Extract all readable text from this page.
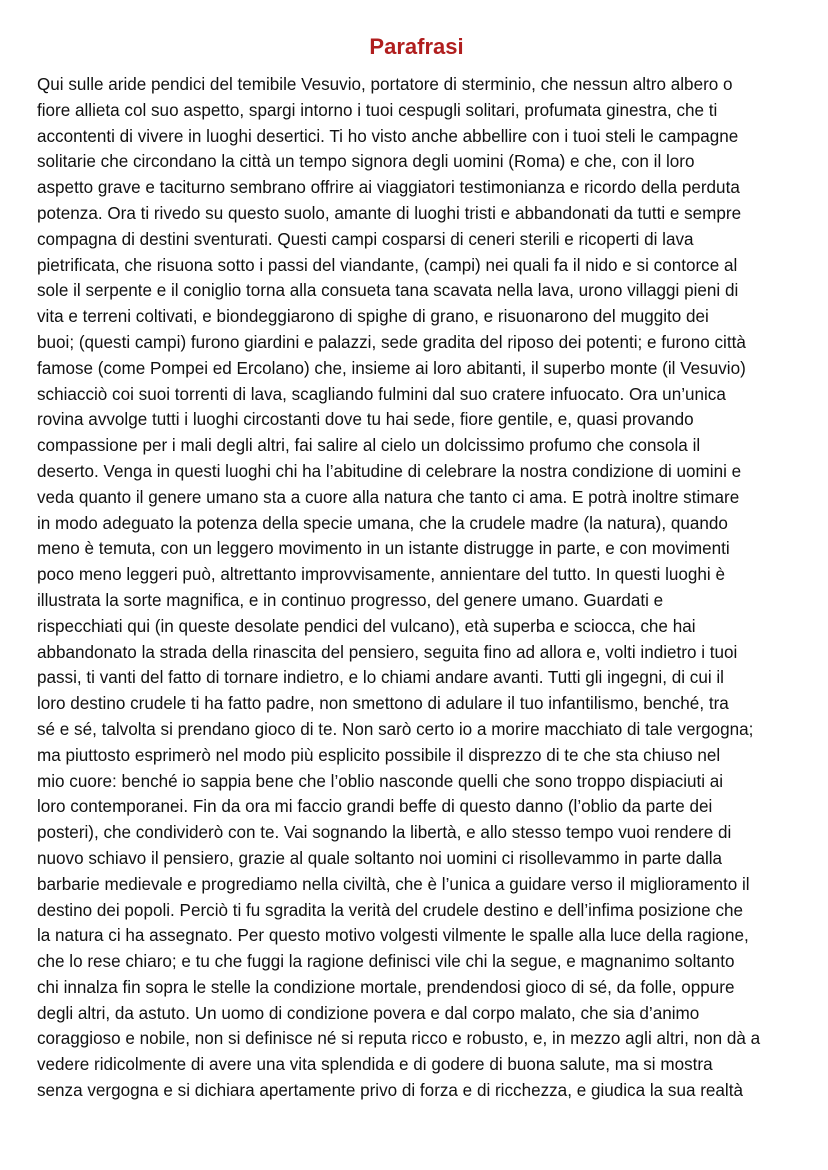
Parafrasi
Qui sulle aride pendici del temibile Vesuvio, portatore di sterminio, che nessun altro albero o
fiore allieta col suo aspetto, spargi intorno i tuoi cespugli solitari, profumata ginestra, che ti
accontenti di vivere in luoghi desertici. Ti ho visto anche abbellire con i tuoi steli le campagne
solitarie che circondano la città un tempo signora degli uomini (Roma) e che, con il loro
aspetto grave e taciturno sembrano offrire ai viaggiatori testimonianza e ricordo della perduta
potenza. Ora ti rivedo su questo suolo, amante di luoghi tristi e abbandonati da tutti e sempre
compagna di destini sventurati. Questi campi cosparsi di ceneri sterili e ricoperti di lava
pietrificata, che risuona sotto i passi del viandante, (campi) nei quali fa il nido e si contorce al
sole il serpente e il coniglio torna alla consueta tana scavata nella lava, urono villaggi pieni di
vita e terreni coltivati, e biondeggiarono di spighe di grano, e risuonarono del muggito dei
buoi; (questi campi) furono giardini e palazzi, sede gradita del riposo dei potenti; e furono città
famose (come Pompei ed Ercolano) che, insieme ai loro abitanti, il superbo monte (il Vesuvio)
schiacciò coi suoi torrenti di lava, scagliando fulmini dal suo cratere infuocato. Ora un’unica
rovina avvolge tutti i luoghi circostanti dove tu hai sede, fiore gentile, e, quasi provando
compassione per i mali degli altri, fai salire al cielo un dolcissimo profumo che consola il
deserto. Venga in questi luoghi chi ha l’abitudine di celebrare la nostra condizione di uomini e
veda quanto il genere umano sta a cuore alla natura che tanto ci ama. E potrà inoltre stimare
in modo adeguato la potenza della specie umana, che la crudele madre (la natura), quando
meno è temuta, con un leggero movimento in un istante distrugge in parte, e con movimenti
poco meno leggeri può, altrettanto improvvisamente, annientare del tutto. In questi luoghi è
illustrata la sorte magnifica, e in continuo progresso, del genere umano. Guardati e
rispecchiati qui (in queste desolate pendici del vulcano), età superba e sciocca, che hai
abbandonato la strada della rinascita del pensiero, seguita fino ad allora e, volti indietro i tuoi
passi, ti vanti del fatto di tornare indietro, e lo chiami andare avanti. Tutti gli ingegni, di cui il
loro destino crudele ti ha fatto padre, non smettono di adulare il tuo infantilismo, benché, tra
sé e sé, talvolta si prendano gioco di te. Non sarò certo io a morire macchiato di tale vergogna;
ma piuttosto esprimerò nel modo più esplicito possibile il disprezzo di te che sta chiuso nel
mio cuore: benché io sappia bene che l’oblio nasconde quelli che sono troppo dispiaciuti ai
loro contemporanei. Fin da ora mi faccio grandi beffe di questo danno (l’oblio da parte dei
posteri), che condividerò con te. Vai sognando la libertà, e allo stesso tempo vuoi rendere di
nuovo schiavo il pensiero, grazie al quale soltanto noi uomini ci risollevammo in parte dalla
barbarie medievale e progrediamo nella civiltà, che è l’unica a guidare verso il miglioramento il
destino dei popoli. Perciò ti fu sgradita la verità del crudele destino e dell’infima posizione che
la natura ci ha assegnato. Per questo motivo volgesti vilmente le spalle alla luce della ragione,
che lo rese chiaro; e tu che fuggi la ragione definisci vile chi la segue, e magnanimo soltanto
chi innalza fin sopra le stelle la condizione mortale, prendendosi gioco di sé, da folle, oppure
degli altri, da astuto. Un uomo di condizione povera e dal corpo malato, che sia d’animo
coraggioso e nobile, non si definisce né si reputa ricco e robusto, e, in mezzo agli altri, non dà a
vedere ridicolmente di avere una vita splendida e di godere di buona salute, ma si mostra
senza vergogna e si dichiara apertamente privo di forza e di ricchezza, e giudica la sua realtà
